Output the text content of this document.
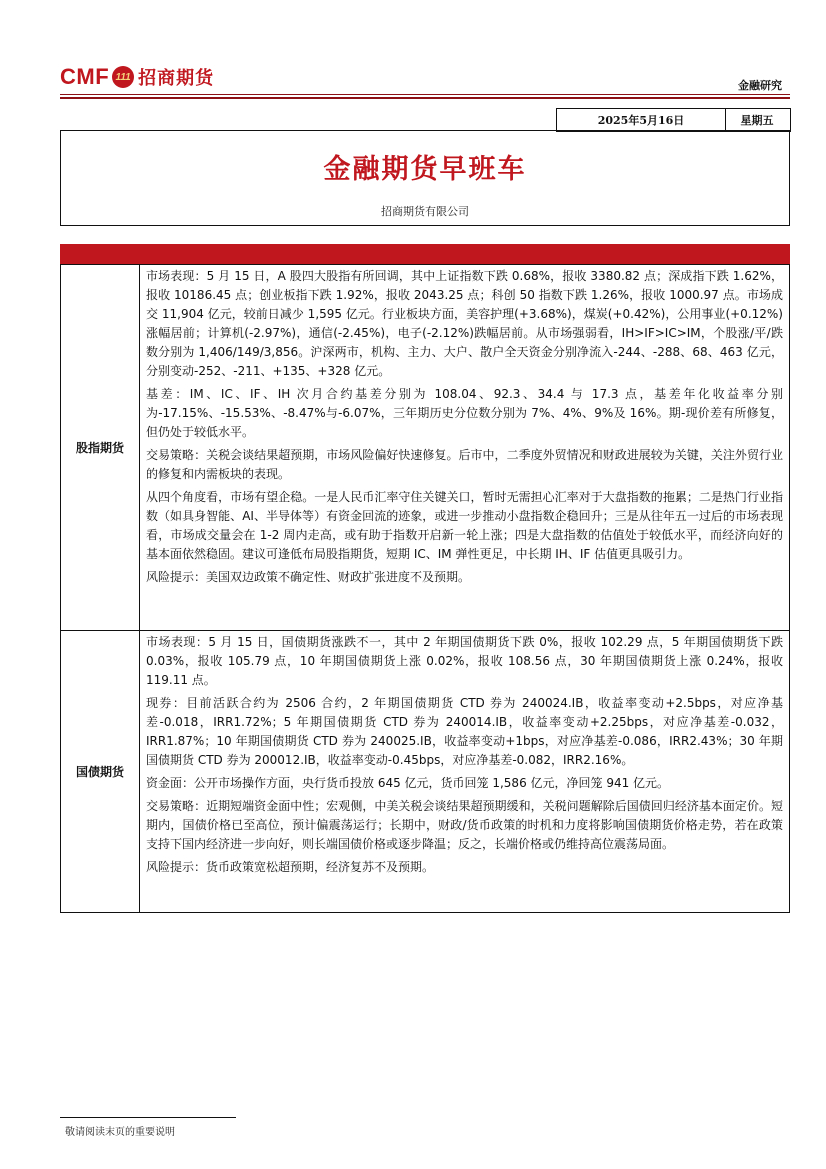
CMF 111 招商期货	金融研究
2025年5月16日	星期五
金融期货早班车
招商期货有限公司
股指期货	市场表现：5 月 15 日，A 股四大股指有所回调，其中上证指数下跌 0.68%，报收 3380.82 点；深成指下跌 1.62%，报收 10186.45 点；创业板指下跌 1.92%，报收 2043.25 点；科创 50 指数下跌 1.26%，报收 1000.97 点。市场成交 11,904 亿元，较前日减少 1,595 亿元。行业板块方面，美容护理(+3.68%)，煤炭(+0.42%)，公用事业(+0.12%)涨幅居前；计算机(-2.97%)，通信(-2.45%)，电子(-2.12%)跌幅居前。从市场强弱看，IH>IF>IC>IM，个股涨/平/跌数分别为 1,406/149/3,856。沪深两市，机构、主力、大户、散户全天资金分别净流入-244、-288、68、463 亿元，分别变动-252、-211、+135、+328 亿元。

基差：IM、IC、IF、IH 次月合约基差分别为 108.04、92.3、34.4 与 17.3 点，基差年化收益率分别为-17.15%、-15.53%、-8.47%与-6.07%，三年期历史分位数分别为 7%、4%、9%及 16%。期-现价差有所修复，但仍处于较低水平。

交易策略：关税会谈结果超预期，市场风险偏好快速修复。后市中，二季度外贸情况和财政进展较为关键，关注外贸行业的修复和内需板块的表现。

从四个角度看，市场有望企稳。一是人民币汇率守住关键关口，暂时无需担心汇率对于大盘指数的拖累；二是热门行业指数（如具身智能、AI、半导体等）有资金回流的迹象，或进一步推动小盘指数企稳回升；三是从往年五一过后的市场表现看，市场成交量会在 1-2 周内走高，或有助于指数开启新一轮上涨；四是大盘指数的估值处于较低水平，而经济向好的基本面依然稳固。建议可逢低布局股指期货，短期 IC、IM 弹性更足，中长期 IH、IF 估值更具吸引力。

风险提示：美国双边政策不确定性、财政扩张进度不及预期。

国债期货	市场表现：5 月 15 日，国债期货涨跌不一，其中 2 年期国债期货下跌 0%，报收 102.29 点，5 年期国债期货下跌 0.03%，报收 105.79 点，10 年期国债期货上涨 0.02%，报收 108.56 点，30 年期国债期货上涨 0.24%，报收 119.11 点。

现券：目前活跃合约为 2506 合约，2 年期国债期货 CTD 券为 240024.IB，收益率变动+2.5bps，对应净基差-0.018，IRR1.72%；5 年期国债期货 CTD 券为 240014.IB，收益率变动+2.25bps，对应净基差-0.032，IRR1.87%；10 年期国债期货 CTD 券为 240025.IB，收益率变动+1bps，对应净基差-0.086，IRR2.43%；30 年期国债期货 CTD 券为 200012.IB，收益率变动-0.45bps，对应净基差-0.082，IRR2.16%。

资金面：公开市场操作方面，央行货币投放 645 亿元，货币回笼 1,586 亿元，净回笼 941 亿元。

交易策略：近期短端资金面中性；宏观侧，中美关税会谈结果超预期缓和，关税问题解除后国债回归经济基本面定价。短期内，国债价格已至高位，预计偏震荡运行；长期中，财政/货币政策的时机和力度将影响国债期货价格走势，若在政策支持下国内经济进一步向好，则长端国债价格或逐步降温；反之，长端价格或仍维持高位震荡局面。

风险提示：货币政策宽松超预期，经济复苏不及预期。

敬请阅读末页的重要说明
